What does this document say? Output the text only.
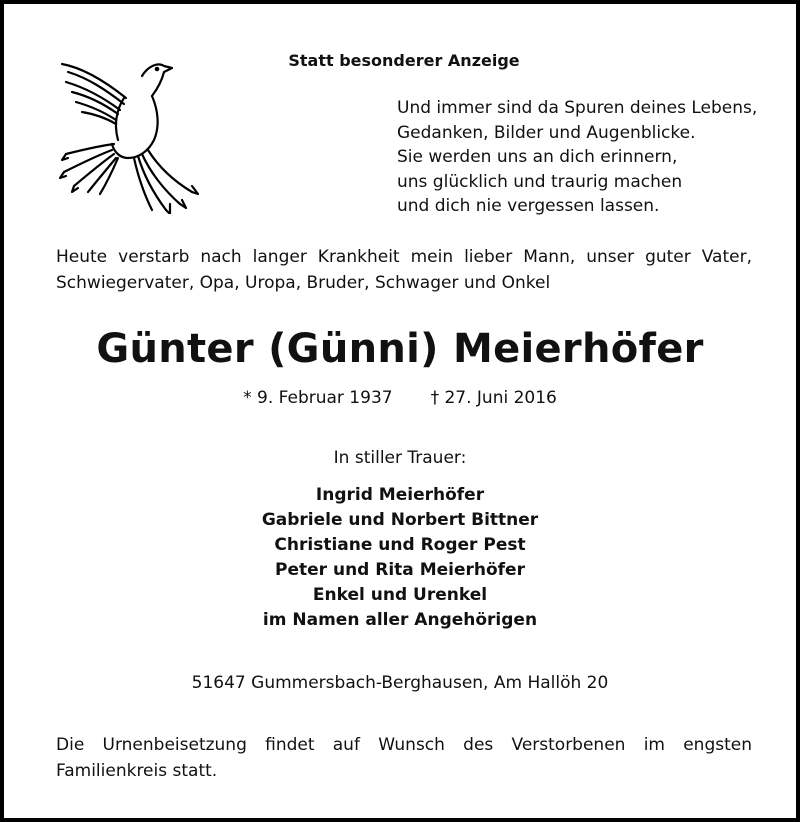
Statt besonderer Anzeige
Und immer sind da Spuren deines Lebens,
Gedanken, Bilder und Augenblicke.
Sie werden uns an dich erinnern,
uns glücklich und traurig machen
und dich nie vergessen lassen.

Heute verstarb nach langer Krankheit mein lieber Mann, unser guter Vater, Schwiegervater, Opa, Uropa, Bruder, Schwager und Onkel

Günter (Günni) Meierhöfer
* 9. Februar 1937 † 27. Juni 2016
In stiller Trauer:
Ingrid Meierhöfer
Gabriele und Norbert Bittner
Christiane und Roger Pest
Peter und Rita Meierhöfer
Enkel und Urenkel
im Namen aller Angehörigen
51647 Gummersbach-Berghausen, Am Hallöh 20

Die Urnenbeisetzung findet auf Wunsch des Verstorbenen im engsten Familienkreis statt.
